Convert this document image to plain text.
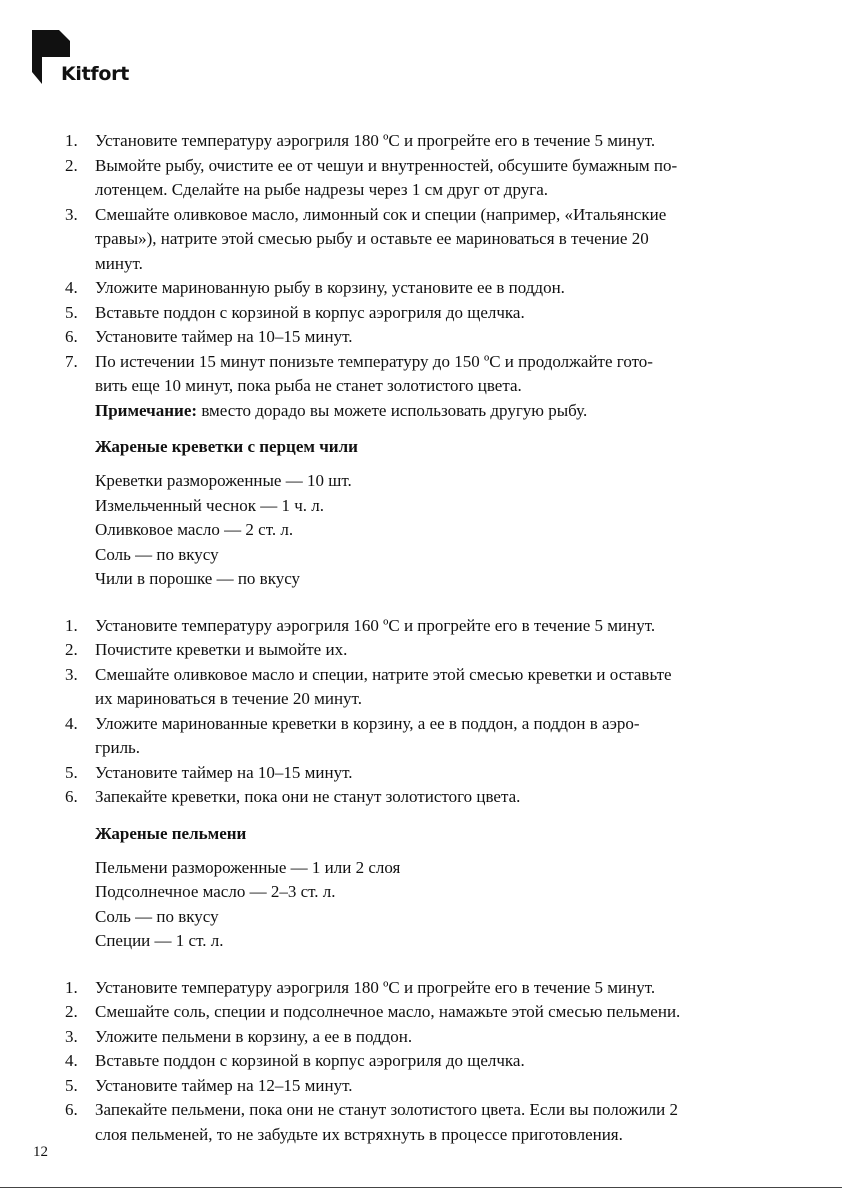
Kitfort
1. Установите температуру аэрогриля 180 ºС и прогрейте его в течение 5 минут.
2. Вымойте рыбу, очистите ее от чешуи и внутренностей, обсушите бумажным по-
лотенцем. Сделайте на рыбе надрезы через 1 см друг от друга.
3. Смешайте оливковое масло, лимонный сок и специи (например, «Итальянские
травы»), натрите этой смесью рыбу и оставьте ее мариноваться в течение 20
минут.
4. Уложите маринованную рыбу в корзину, установите ее в поддон.
5. Вставьте поддон с корзиной в корпус аэрогриля до щелчка.
6. Установите таймер на 10–15 минут.
7. По истечении 15 минут понизьте температуру до 150 ºС и продолжайте гото-
вить еще 10 минут, пока рыба не станет золотистого цвета.
Примечание: вместо дорадо вы можете использовать другую рыбу.
Жареные креветки с перцем чили
Креветки размороженные — 10 шт.
Измельченный чеснок — 1 ч. л.
Оливковое масло — 2 ст. л.
Соль — по вкусу
Чили в порошке — по вкусу
1. Установите температуру аэрогриля 160 ºС и прогрейте его в течение 5 минут.
2. Почистите креветки и вымойте их.
3. Смешайте оливковое масло и специи, натрите этой смесью креветки и оставьте
их мариноваться в течение 20 минут.
4. Уложите маринованные креветки в корзину, а ее в поддон, а поддон в аэро-
гриль.
5. Установите таймер на 10–15 минут.
6. Запекайте креветки, пока они не станут золотистого цвета.
Жареные пельмени
Пельмени размороженные — 1 или 2 слоя
Подсолнечное масло — 2–3 ст. л.
Соль — по вкусу
Специи — 1 ст. л.
1. Установите температуру аэрогриля 180 ºС и прогрейте его в течение 5 минут.
2. Смешайте соль, специи и подсолнечное масло, намажьте этой смесью пельмени.
3. Уложите пельмени в корзину, а ее в поддон.
4. Вставьте поддон с корзиной в корпус аэрогриля до щелчка.
5. Установите таймер на 12–15 минут.
6. Запекайте пельмени, пока они не станут золотистого цвета. Если вы положили 2
слоя пельменей, то не забудьте их встряхнуть в процессе приготовления.
12
